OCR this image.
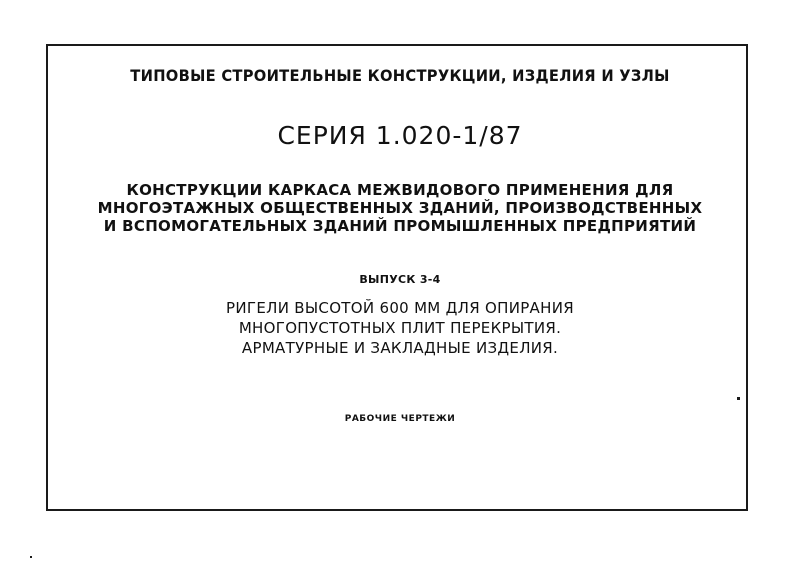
ТИПОВЫЕ СТРОИТЕЛЬНЫЕ КОНСТРУКЦИИ, ИЗДЕЛИЯ И УЗЛЫ
СЕРИЯ 1.020-1/87
КОНСТРУКЦИИ КАРКАСА МЕЖВИДОВОГО ПРИМЕНЕНИЯ ДЛЯ
МНОГОЭТАЖНЫХ ОБЩЕСТВЕННЫХ ЗДАНИЙ, ПРОИЗВОДСТВЕННЫХ
И ВСПОМОГАТЕЛЬНЫХ ЗДАНИЙ ПРОМЫШЛЕННЫХ ПРЕДПРИЯТИЙ
ВЫПУСК 3-4
РИГЕЛИ ВЫСОТОЙ 600 ММ ДЛЯ ОПИРАНИЯ
МНОГОПУСТОТНЫХ ПЛИТ ПЕРЕКРЫТИЯ.
АРМАТУРНЫЕ И ЗАКЛАДНЫЕ ИЗДЕЛИЯ.
РАБОЧИЕ ЧЕРТЕЖИ
